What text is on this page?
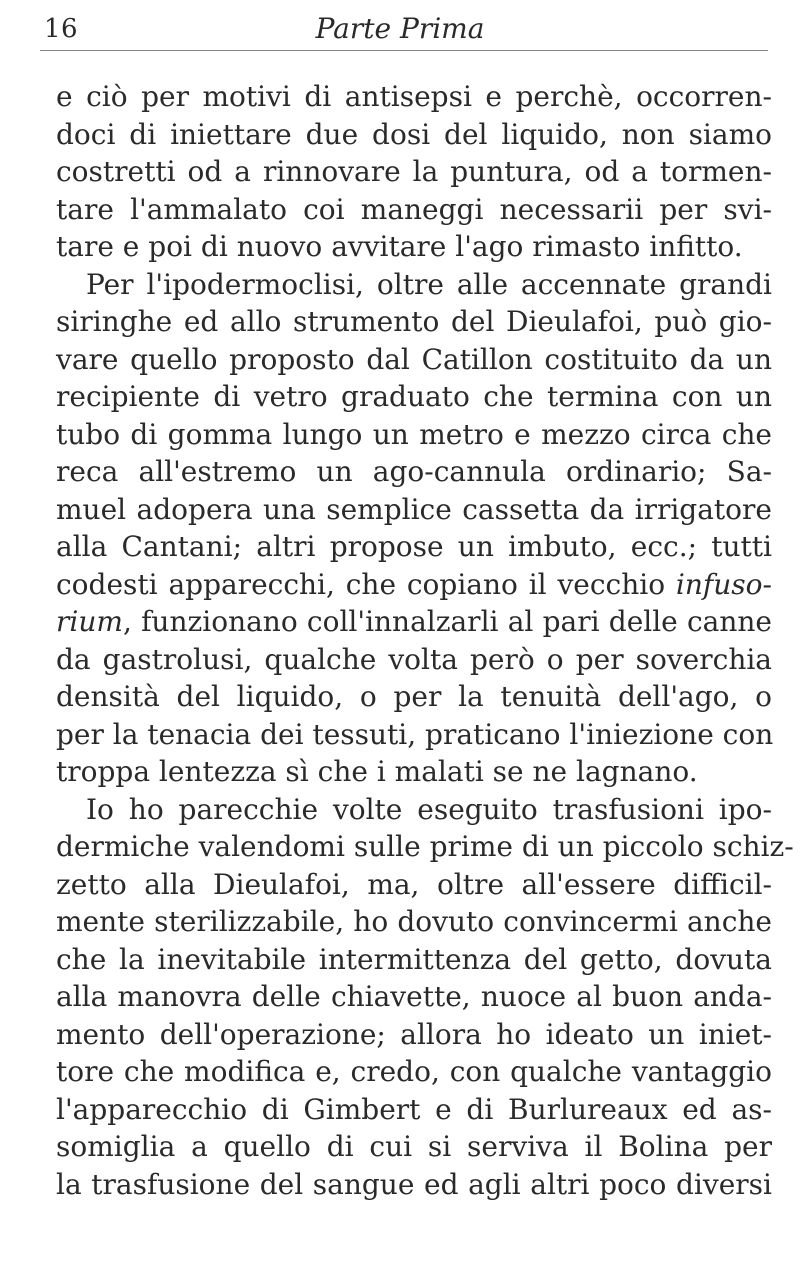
16	Parte Prima
e ciò per motivi di antisepsi e perchè, occorren-
doci di iniettare due dosi del liquido, non siamo
costretti od a rinnovare la puntura, od a tormen-
tare l'ammalato coi maneggi necessarii per svi-
tare e poi di nuovo avvitare l'ago rimasto infitto.
Per l'ipodermoclisi, oltre alle accennate grandi
siringhe ed allo strumento del Dieulafoi, può gio-
vare quello proposto dal Catillon costituito da un
recipiente di vetro graduato che termina con un
tubo di gomma lungo un metro e mezzo circa che
reca all'estremo un ago-cannula ordinario; Sa-
muel adopera una semplice cassetta da irrigatore
alla Cantani; altri propose un imbuto, ecc.; tutti
codesti apparecchi, che copiano il vecchio infuso-
rium, funzionano coll'innalzarli al pari delle canne
da gastrolusi, qualche volta però o per soverchia
densità del liquido, o per la tenuità dell'ago, o
per la tenacia dei tessuti, praticano l'iniezione con
troppa lentezza sì che i malati se ne lagnano.
Io ho parecchie volte eseguito trasfusioni ipo-
dermiche valendomi sulle prime di un piccolo schiz-
zetto alla Dieulafoi, ma, oltre all'essere difficil-
mente sterilizzabile, ho dovuto convincermi anche
che la inevitabile intermittenza del getto, dovuta
alla manovra delle chiavette, nuoce al buon anda-
mento dell'operazione; allora ho ideato un iniet-
tore che modifica e, credo, con qualche vantaggio
l'apparecchio di Gimbert e di Burlureaux ed as-
somiglia a quello di cui si serviva il Bolina per
la trasfusione del sangue ed agli altri poco diversi
